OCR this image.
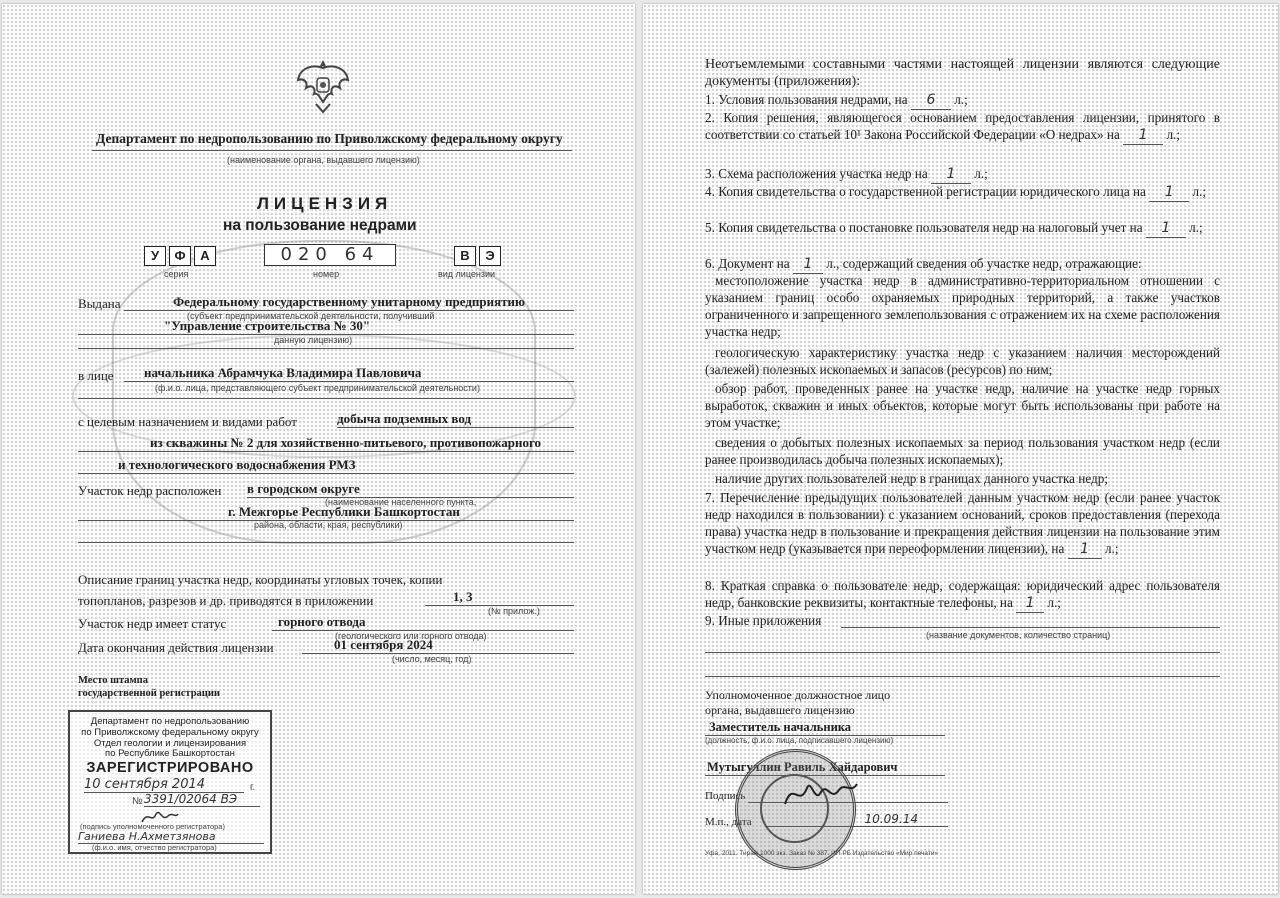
Департамент по недропользованию по Приволжскому федеральному округу
(наименование органа, выдавшего лицензию)
ЛИЦЕНЗИЯ
на пользование недрами
У	Ф	А	020 64	В	Э
серия	номер	вид лицензии
Выдана	Федеральному государственному унитарному предприятию
(субъект предпринимательской деятельности, получивший
"Управление строительства № 30"
данную лицензию)
в лице	начальника Абрамчука Владимира Павловича
(ф.и.о. лица, представляющего субъект предпринимательской деятельности)
с целевым назначением и видами работ	добыча подземных вод
из скважины № 2 для хозяйственно-питьевого, противопожарного
и технологического водоснабжения РМЗ
Участок недр расположен в городском округе
(наименование населенного пункта,
г. Межгорье Республики Башкортостан
района, области, края, республики)
Описание границ участка недр, координаты угловых точек, копии
топопланов, разрезов и др. приводятся в приложении	1, 3
(№ прилож.)
Участок недр имеет статус	горного отвода
(геологического или горного отвода)
Дата окончания действия лицензии	01 сентября 2024
(число, месяц, год)
Место штампа
государственной регистрации
Департамент по недропользованию
по Приволжскому федеральному округу
Отдел геологии и лицензирования
по Республике Башкортостан
ЗАРЕГИСТРИРОВАНО
10 сентября 2014	г.
№ 3391/02064 ВЭ
(подпись уполномоченного регистратора)
Ганиева Н.Ахметзянова
(ф.и.о. имя, отчество регистратора)
Неотъемлемыми составными частями настоящей лицензии являются следующие документы (приложения):
1. Условия пользования недрами, на 6 л.;
2. Копия решения, являющегося основанием предоставления лицензии, принятого в соответствии со статьей 10¹ Закона Российской Федерации «О недрах» на 1 л.;
3. Схема расположения участка недр на 1 л.;
4. Копия свидетельства о государственной регистрации юридического лица на 1 л.;
5. Копия свидетельства о постановке пользователя недр на налоговый учет на 1 л.;
6. Документ на 1 л., содержащий сведения об участке недр, отражающие:
местоположение участка недр в административно-территориальном отношении с указанием границ особо охраняемых природных территорий, а также участков ограниченного и запрещенного землепользования с отражением их на схеме расположения участка недр;
геологическую характеристику участка недр с указанием наличия месторождений (залежей) полезных ископаемых и запасов (ресурсов) по ним;
обзор работ, проведенных ранее на участке недр, наличие на участке недр горных выработок, скважин и иных объектов, которые могут быть использованы при работе на этом участке;
сведения о добытых полезных ископаемых за период пользования участком недр (если ранее производилась добыча полезных ископаемых);
наличие других пользователей недр в границах данного участка недр;
7. Перечисление предыдущих пользователей данным участком недр (если ранее участок недр находился в пользовании) с указанием оснований, сроков предоставления (перехода права) участка недр в пользование и прекращения действия лицензии на пользование этим участком недр (указывается при переоформлении лицензии), на 1 л.;
8. Краткая справка о пользователе недр, содержащая: юридический адрес пользователя недр, банковские реквизиты, контактные телефоны, на 1 л.;
9. Иные приложения
(название документов, количество страниц)
Уполномоченное должностное лицо
органа, выдавшего лицензию
Заместитель начальника
(должность, ф.и.о. лица, подписавшего лицензию)
Мутыгуллин Равиль Хайдарович
Подпись
М.п., дата	10.09.14
Уфа, 2011. Тираж 1000 экз. Заказ № 387. ИП РБ Издательство «Мир печати»
